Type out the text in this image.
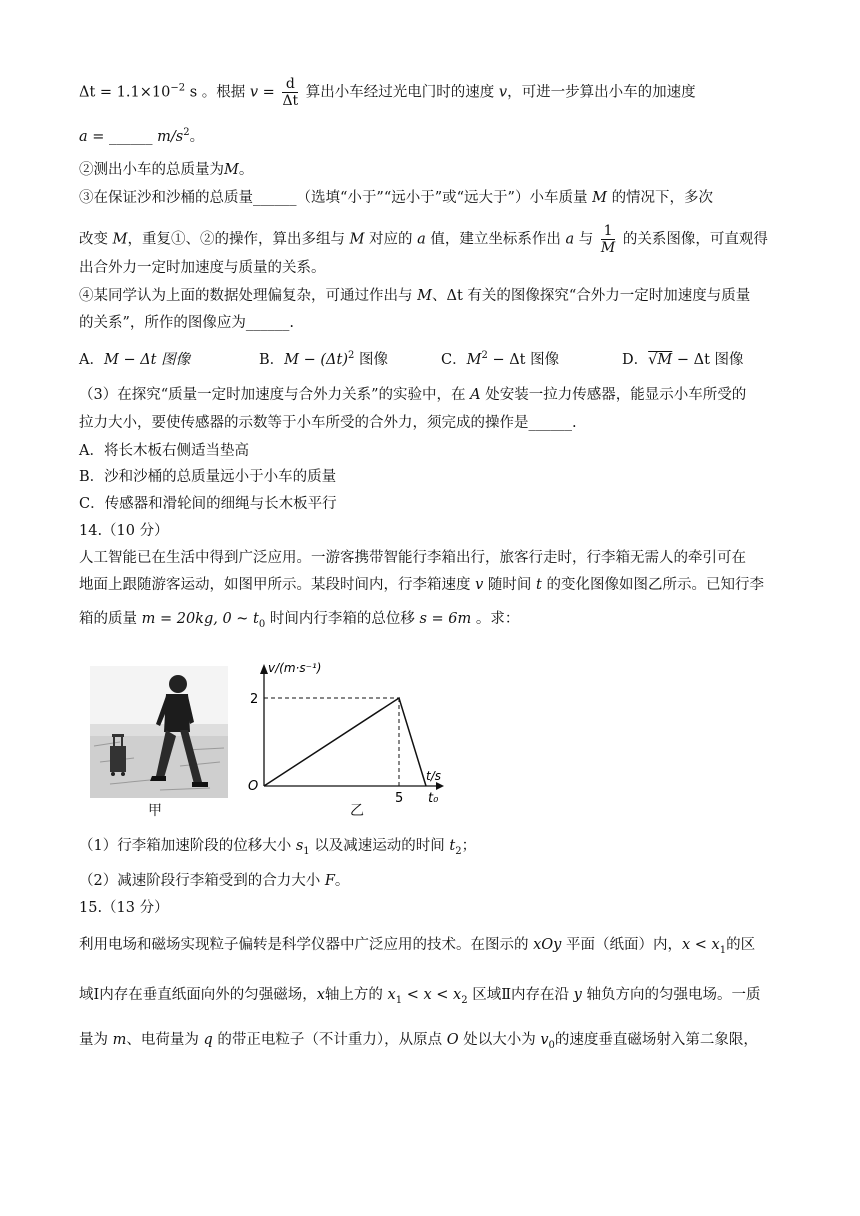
$\Delta t = 1.1\times 10^{-2}$ s 。根据 $v = \frac{d}{\Delta t}$ 算出小车经过光电门时的速度 v，可进一步算出小车的加速度
a = ______ $m/s^2$。
②测出小车的总质量为M。
③在保证沙和沙桶的总质量______（选填“小于”“远小于”或“远大于”）小车质量 M 的情况下，多次
改变 M，重复①、②的操作，算出多组与 M 对应的 a 值，建立坐标系作出 a 与 $\frac{1}{M}$ 的关系图像，可直观得
出合外力一定时加速度与质量的关系。
④某同学认为上面的数据处理偏复杂，可通过作出与 M、Δt 有关的图像探究“合外力一定时加速度与质量
的关系”，所作的图像应为______.
A．M − Δt 图像	B．$M - (\Delta t)^2$ 图像	C．$M^2 - \Delta t$ 图像	D．√M − Δt 图像
（3）在探究“质量一定时加速度与合外力关系”的实验中，在 A 处安装一拉力传感器，能显示小车所受的
拉力大小，要使传感器的示数等于小车所受的合外力，须完成的操作是______.
A．将长木板右侧适当垫高
B．沙和沙桶的总质量远小于小车的质量
C．传感器和滑轮间的细绳与长木板平行
14.（10 分）
人工智能已在生活中得到广泛应用。一游客携带智能行李箱出行，旅客行走时，行李箱无需人的牵引可在
地面上跟随游客运动，如图甲所示。某段时间内，行李箱速度 v 随时间 t 的变化图像如图乙所示。已知行李
箱的质量 m = 20kg, 0 ~ $t_0$ 时间内行李箱的总位移 s = 6m 。求：
甲
v/(m·s⁻¹)
t/s
O
2
5 t₀
乙
（1）行李箱加速阶段的位移大小 $s_1$ 以及减速运动的时间 $t_2$；
（2）减速阶段行李箱受到的合力大小 F。
15.（13 分）
利用电场和磁场实现粒子偏转是科学仪器中广泛应用的技术。在图示的 xOy 平面（纸面）内，$x < x_1$的区
域Ⅰ内存在垂直纸面向外的匀强磁场，x轴上方的 $x_1 < x < x_2$ 区域Ⅱ内存在沿 y 轴负方向的匀强电场。一质
量为 m、电荷量为 q 的带正电粒子（不计重力），从原点 O 处以大小为 $v_0$的速度垂直磁场射入第二象限，
